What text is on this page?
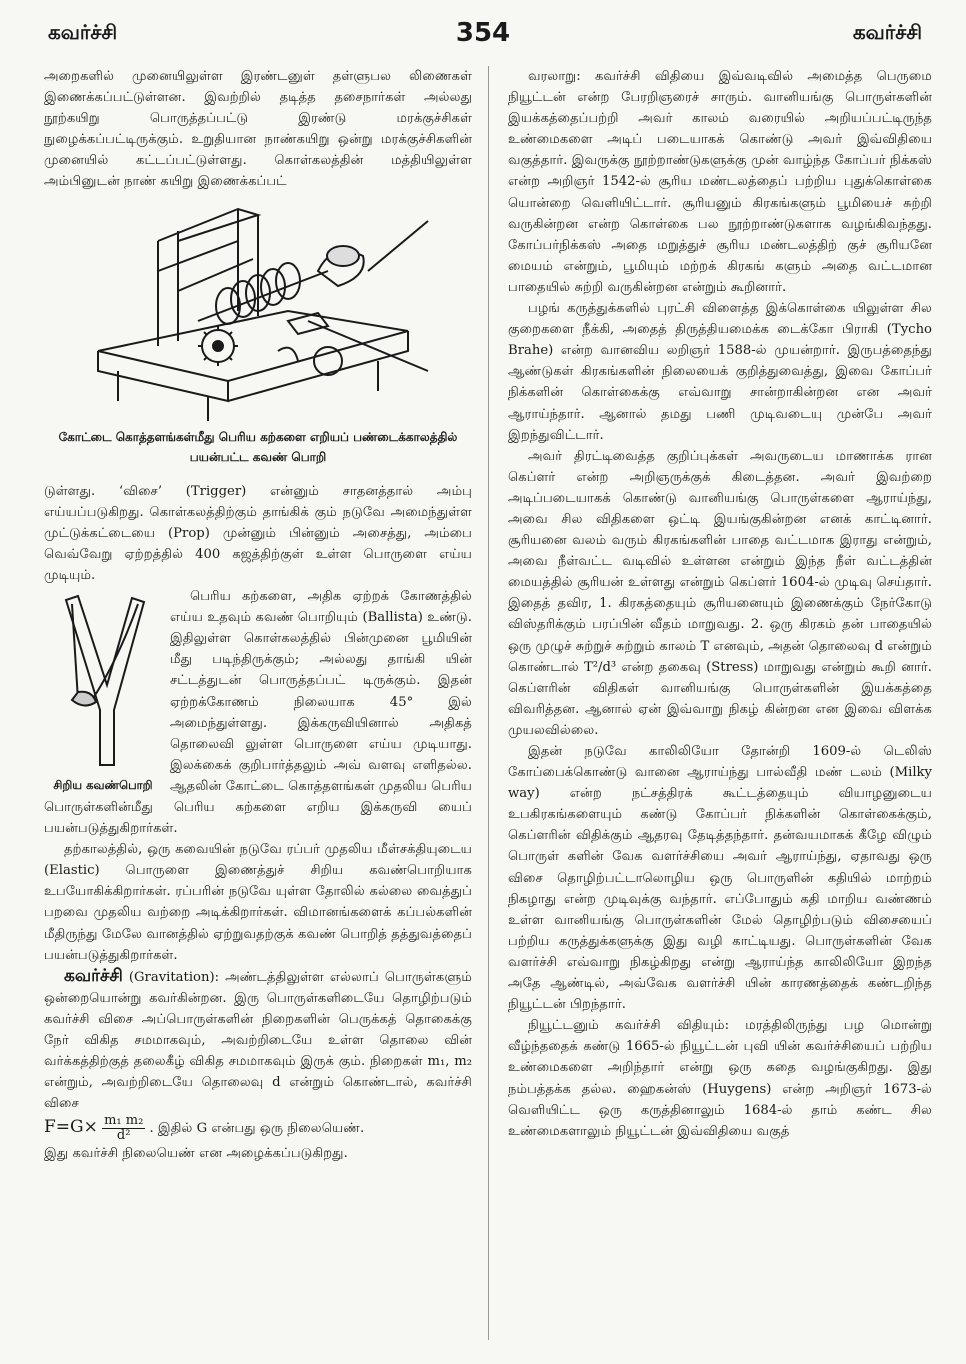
கவர்ச்சி	354	கவர்ச்சி

அறைகளில் முனையிலுள்ள இரண்டனுள் தள்ளுபல லிணைகள் இணைக்கப்பட்டுள்ளன. இவற்றில் தடித்த தசைநார்கள் அல்லது நூற்கயிறு பொருத்தப்பட்டு இரண்டு மரக்குச்சிகள் நுழைக்கப்பட்டிருக்கும். உறுதியான நாண்கயிறு ஒன்று மரக்குச்சிகளின் முனையில் கட்டப்பட்டுள்ளது. கொள்கலத்தின் மத்தியிலுள்ள அம்பினுடன் நாண் கயிறு இணைக்கப்பட்

கோட்டை கொத்தளங்கள்மீது பெரிய கற்களை எறியப் பண்டைக்காலத்தில் பயன்பட்ட கவண் பொறி

டுள்ளது. ‘விசை’ (Trigger) என்னும் சாதனத்தால் அம்பு எய்யப்படுகிறது. கொள்கலத்திற்கும் தாங்கிக் கும் நடுவே அமைந்துள்ள முட்டுக்கட்டையை (Prop) முன்னும் பின்னும் அசைத்து, அம்பை வெவ்வேறு ஏற்றத்தில் 400 கஜத்திற்குள் உள்ள பொருளை எய்ய முடியும்.

சிறிய கவண்பொறி

பெரிய கற்களை, அதிக ஏற்றக் கோணத்தில் எய்ய உதவும் கவண் பொறியும் (Ballista) உண்டு. இதிலுள்ள கொள்கலத்தில் பின்முனை பூமியின் மீது படிந்திருக்கும்; அல்லது தாங்கி யின் சட்டத்துடன் பொருத்தப்பட் டிருக்கும். இதன் ஏற்றக்கோணம் நிலையாக 45° இல் அமைந்துள்ளது. இக்கருவியினால் அதிகத் தொலைவி லுள்ள பொருளை எய்ய முடியாது. இலக்கைக் குறிபார்த்தலும் அவ் வளவு எளிதல்ல. ஆதலின் கோட்டை கொத்தளங்கள் முதலிய பெரிய பொருள்களின்மீது பெரிய கற்களை எறிய இக்கருவி யைப் பயன்படுத்துகிறார்கள்.

தற்காலத்தில், ஒரு கவையின் நடுவே ரப்பர் முதலிய மீள்சக்தியுடைய (Elastic) பொருளை இணைத்துச் சிறிய கவண்பொறியாக உபயோகிக்கிறார்கள். ரப்பரின் நடுவே யுள்ள தோலில் கல்லை வைத்துப் பறவை முதலிய வற்றை அடிக்கிறார்கள். விமானங்களைக் கப்பல்களின் மீதிருந்து மேலே வானத்தில் ஏற்றுவதற்குக் கவண் பொறித் தத்துவத்தைப் பயன்படுத்துகிறார்கள்.

கவர்ச்சி (Gravitation): அண்டத்திலுள்ள எல்லாப் பொருள்களும் ஒன்றையொன்று கவர்கின்றன. இரு பொருள்களிடையே தொழிற்படும் கவர்ச்சி விசை அப்பொருள்களின் நிறைகளின் பெருக்கத் தொகைக்கு நேர் விகித சமமாகவும், அவற்றிடையே உள்ள தொலை வின் வர்க்கத்திற்குத் தலைகீழ் விகித சமமாகவும் இருக் கும். நிறைகள் m₁, m₂ என்றும், அவற்றிடையே தொலைவு d என்றும் கொண்டால், கவர்ச்சி விசை

$F=G\times \frac{\text{m₁ m₂}}{\text{d²}}$ . இதில் G என்பது ஒரு நிலையெண்.

இது கவர்ச்சி நிலையெண் என அழைக்கப்படுகிறது.

வரலாறு: கவர்ச்சி விதியை இவ்வடிவில் அமைத்த பெருமை நியூட்டன் என்ற பேரறிஞரைச் சாரும். வானியங்கு பொருள்களின் இயக்கத்தைப்பற்றி அவர் காலம் வரையில் அறியப்பட்டிருந்த உண்மைகளை அடிப் படையாகக் கொண்டு அவர் இவ்விதியை வகுத்தார். இவருக்கு நூற்றாண்டுகளுக்கு முன் வாழ்ந்த கோப்பர் நிக்கஸ் என்ற அறிஞர் 1542-ல் சூரிய மண்டலத்தைப் பற்றிய புதுக்கொள்கை யொன்றை வெளியிட்டார். சூரியனும் கிரகங்களும் பூமியைச் சுற்றி வருகின்றன என்ற கொள்கை பல நூற்றாண்டுகளாக வழங்கிவந்தது. கோப்பர்நிக்கஸ் அதை மறுத்துச் சூரிய மண்டலத்திற் குச் சூரியனே மையம் என்றும், பூமியும் மற்றக் கிரகங் களும் அதை வட்டமான பாதையில் சுற்றி வருகின்றன என்றும் கூறினார்.

பழங் கருத்துக்களில் புரட்சி விளைத்த இக்கொள்கை யிலுள்ள சில குறைகளை நீக்கி, அதைத் திருத்தியமைக்க டைக்கோ பிராகி (Tycho Brahe) என்ற வானவிய லறிஞர் 1588-ல் முயன்றார். இருபத்தைந்து ஆண்டுகள் கிரகங்களின் நிலையைக் குறித்துவைத்து, இவை கோப்பர் நிக்களின் கொள்கைக்கு எவ்வாறு சான்றாகின்றன என அவர் ஆராய்ந்தார். ஆனால் தமது பணி முடிவடையு முன்பே அவர் இறந்துவிட்டார்.

அவர் திரட்டிவைத்த குறிப்புக்கள் அவருடைய மாணாக்க ரான கெப்ளர் என்ற அறிஞருக்குக் கிடைத்தன. அவர் இவற்றை அடிப்படையாகக் கொண்டு வானியங்கு பொருள்களை ஆராய்ந்து, அவை சில விதிகளை ஒட்டி இயங்குகின்றன எனக் காட்டினார். சூரியனை வலம் வரும் கிரகங்களின் பாதை வட்டமாக இராது என்றும், அவை நீள்வட்ட வடிவில் உள்ளன என்றும் இந்த நீள் வட்டத்தின் மையத்தில் சூரியன் உள்ளது என்றும் கெப்ளர் 1604-ல் முடிவு செய்தார். இதைத் தவிர, 1. கிரகத்தையும் சூரியனையும் இணைக்கும் நேர்கோடு விஸ்தரிக்கும் பரப்பின் வீதம் மாறுவது. 2. ஒரு கிரகம் தன் பாதையில் ஒரு முழுச் சுற்றுச் சுற்றும் காலம் T எனவும், அதன் தொலைவு d என்றும் கொண்டால் T²/d³ என்ற தகைவு (Stress) மாறுவது என்றும் கூறி னார். கெப்ளரின் விதிகள் வானியங்கு பொருள்களின் இயக்கத்தை விவரித்தன. ஆனால் ஏன் இவ்வாறு நிகழ் கின்றன என இவை விளக்க முயலவில்லை.

இதன் நடுவே காலிலியோ தோன்றி 1609-ல் டெலிஸ் கோப்பைக்கொண்டு வானை ஆராய்ந்து பால்வீதி மண் டலம் (Milky way) என்ற நட்சத்திரக் கூட்டத்தையும் வியாழனுடைய உபகிரகங்களையும் கண்டு கோப்பர் நிக்களின் கொள்கைக்கும், கெப்ளரின் விதிக்கும் ஆதரவு தேடித்தந்தார். தன்வயமாகக் கீழே விழும் பொருள் களின் வேக வளர்ச்சியை அவர் ஆராய்ந்து, ஏதாவது ஒரு விசை தொழிற்பட்டாலொழிய ஒரு பொருளின் கதியில் மாற்றம் நிகழாது என்ற முடிவுக்கு வந்தார். எப்போதும் கதி மாறிய வண்ணம் உள்ள வானியங்கு பொருள்களின் மேல் தொழிற்படும் விசையைப் பற்றிய கருத்துக்களுக்கு இது வழி காட்டியது. பொருள்களின் வேக வளர்ச்சி எவ்வாறு நிகழ்கிறது என்று ஆராய்ந்த காலிலியோ இறந்த அதே ஆண்டில், அவ்வேக வளர்ச்சி யின் காரணத்தைக் கண்டறிந்த நியூட்டன் பிறந்தார்.

நியூட்டனும் கவர்ச்சி விதியும்: மரத்திலிருந்து பழ மொன்று வீழ்ந்ததைக் கண்டு 1665-ல் நியூட்டன் புவி யின் கவர்ச்சியைப் பற்றிய உண்மைகளை அறிந்தார் என்று ஒரு கதை வழங்குகிறது. இது நம்பத்தக்க தல்ல. ஹைகன்ஸ் (Huygens) என்ற அறிஞர் 1673-ல் வெளியிட்ட ஒரு கருத்தினாலும் 1684-ல் தாம் கண்ட சில உண்மைகளாலும் நியூட்டன் இவ்விதியை வகுத்
